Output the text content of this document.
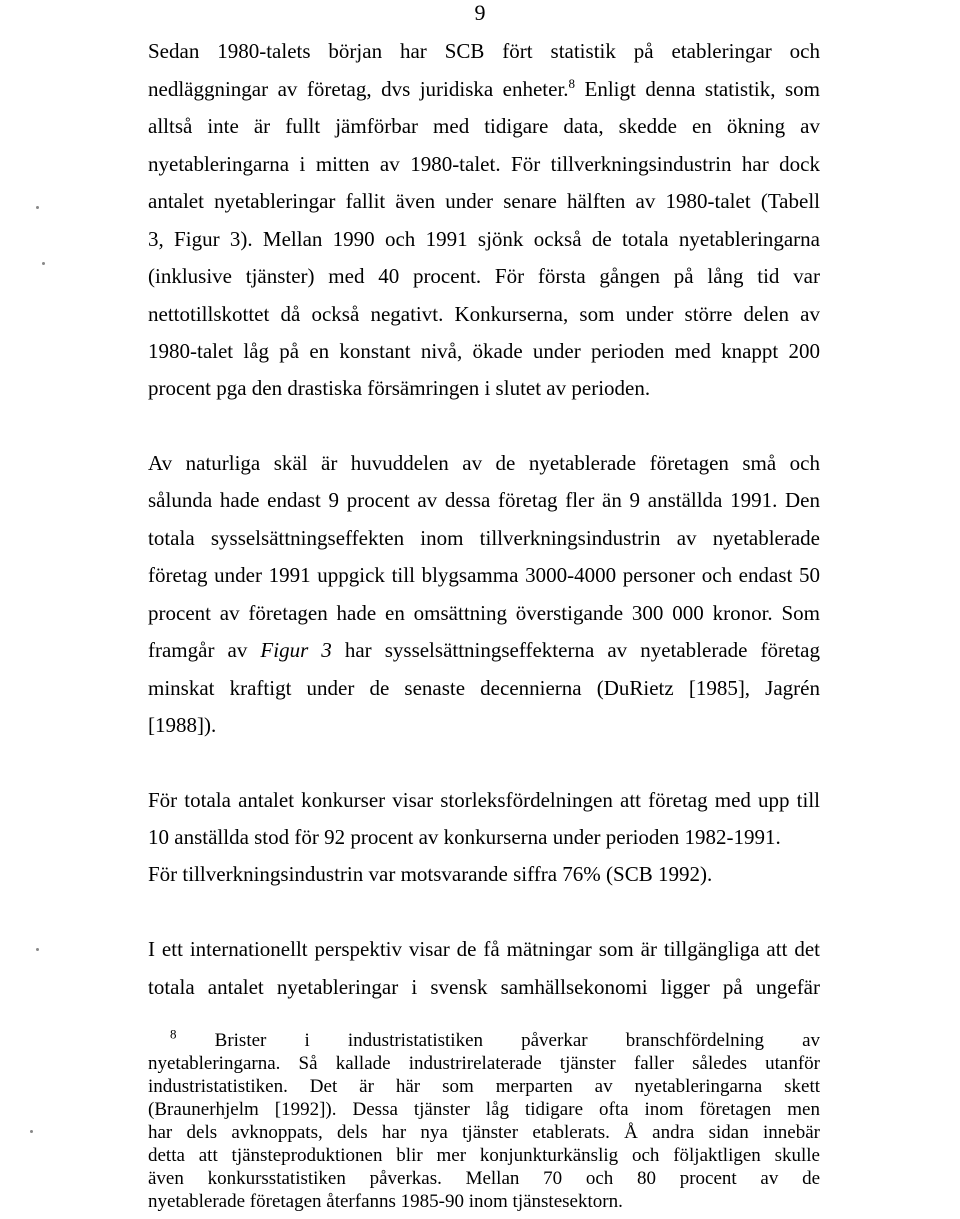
9
Sedan 1980-talets början har SCB fört statistik på etableringar och
nedläggningar av företag, dvs juridiska enheter.$^8$ Enligt denna statistik, som
alltså inte är fullt jämförbar med tidigare data, skedde en ökning av
nyetableringarna i mitten av 1980-talet. För tillverkningsindustrin har dock
antalet nyetableringar fallit även under senare hälften av 1980-talet (Tabell
3, Figur 3). Mellan 1990 och 1991 sjönk också de totala nyetableringarna
(inklusive tjänster) med 40 procent. För första gången på lång tid var
nettotillskottet då också negativt. Konkurserna, som under större delen av
1980-talet låg på en konstant nivå, ökade under perioden med knappt 200
procent pga den drastiska försämringen i slutet av perioden.
Av naturliga skäl är huvuddelen av de nyetablerade företagen små och
sålunda hade endast 9 procent av dessa företag fler än 9 anställda 1991. Den
totala sysselsättningseffekten inom tillverkningsindustrin av nyetablerade
företag under 1991 uppgick till blygsamma 3000-4000 personer och endast 50
procent av företagen hade en omsättning överstigande 300 000 kronor. Som
framgår av Figur 3 har sysselsättningseffekterna av nyetablerade företag
minskat kraftigt under de senaste decennierna (DuRietz [1985], Jagrén
[1988]).
För totala antalet konkurser visar storleksfördelningen att företag med upp till
10 anställda stod för 92 procent av konkurserna under perioden 1982-1991.
För tillverkningsindustrin var motsvarande siffra 76% (SCB 1992).
I ett internationellt perspektiv visar de få mätningar som är tillgängliga att det
totala antalet nyetableringar i svensk samhällsekonomi ligger på ungefär
$^8$ Brister i industristatistiken påverkar branschfördelning av
nyetableringarna. Så kallade industrirelaterade tjänster faller således utanför
industristatistiken. Det är här som merparten av nyetableringarna skett
(Braunerhjelm [1992]). Dessa tjänster låg tidigare ofta inom företagen men
har dels avknoppats, dels har nya tjänster etablerats. Å andra sidan innebär
detta att tjänsteproduktionen blir mer konjunkturkänslig och följaktligen skulle
även konkursstatistiken påverkas. Mellan 70 och 80 procent av de
nyetablerade företagen återfanns 1985-90 inom tjänstesektorn.
